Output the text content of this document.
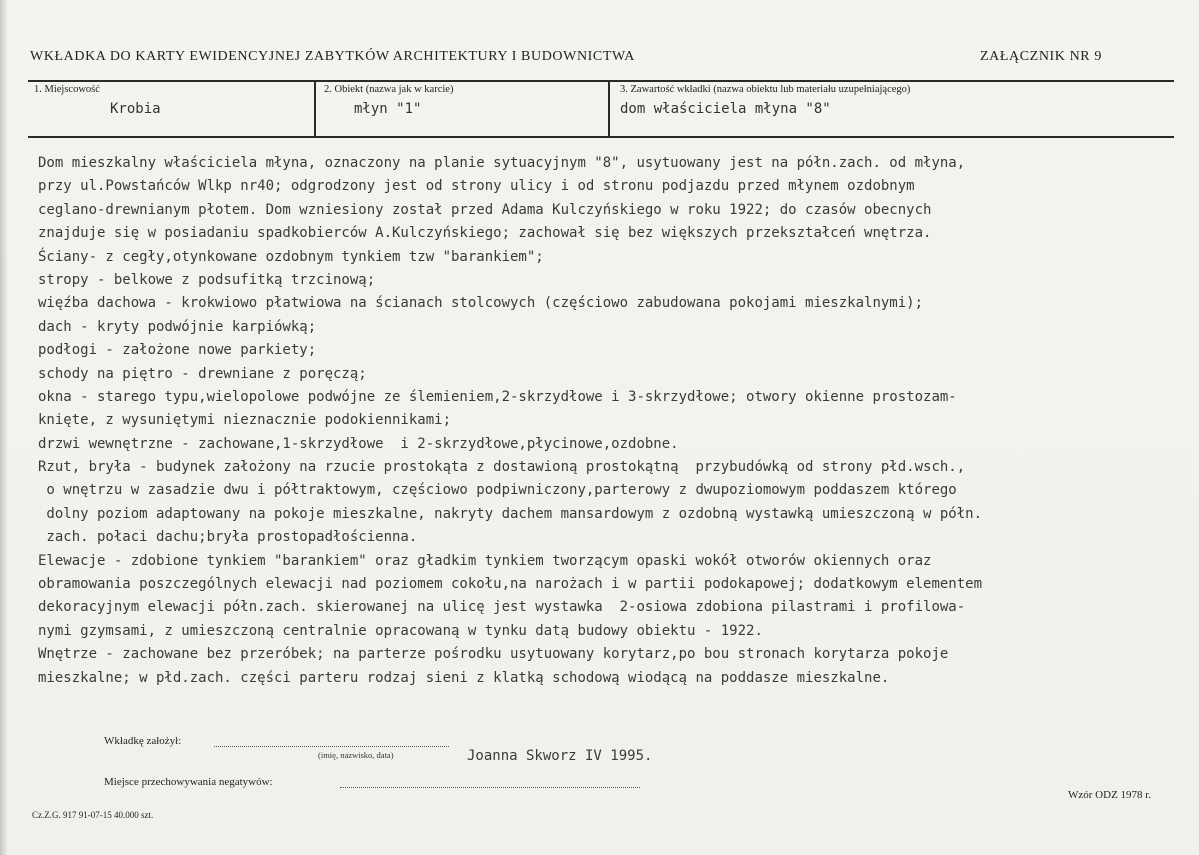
WKŁADKA DO KARTY EWIDENCYJNEJ ZABYTKÓW ARCHITEKTURY I BUDOWNICTWA	ZAŁĄCZNIK NR 9
1. Miejscowość
Krobia
2. Obiekt (nazwa jak w karcie)
młyn "1"
3. Zawartość wkładki (nazwa obiektu lub materiału uzupełniającego)
dom właściciela młyna "8"
Dom mieszkalny właściciela młyna, oznaczony na planie sytuacyjnym "8", usytuowany jest na półn.zach. od młyna,
przy ul.Powstańców Wlkp nr40; odgrodzony jest od strony ulicy i od stronu podjazdu przed młynem ozdobnym
ceglano-drewnianym płotem. Dom wzniesiony został przed Adama Kulczyńskiego w roku 1922; do czasów obecnych
znajduje się w posiadaniu spadkobierców A.Kulczyńskiego; zachował się bez większych przekształceń wnętrza.
Ściany- z cegły,otynkowane ozdobnym tynkiem tzw "barankiem";
stropy - belkowe z podsufitką trzcinową;
więźba dachowa - krokwiowo płatwiowa na ścianach stolcowych (częściowo zabudowana pokojami mieszkalnymi);
dach - kryty podwójnie karpiówką;
podłogi - założone nowe parkiety;
schody na piętro - drewniane z poręczą;
okna - starego typu,wielopolowe podwójne ze ślemieniem,2-skrzydłowe i 3-skrzydłowe; otwory okienne prostozam-
knięte, z wysuniętymi nieznacznie podokiennikami;
drzwi wewnętrzne - zachowane,1-skrzydłowe  i 2-skrzydłowe,płycinowe,ozdobne.
Rzut, bryła - budynek założony na rzucie prostokąta z dostawioną prostokątną  przybudówką od strony płd.wsch.,
o wnętrzu w zasadzie dwu i półtraktowym, częściowo podpiwniczony,parterowy z dwupoziomowym poddaszem którego
dolny poziom adaptowany na pokoje mieszkalne, nakryty dachem mansardowym z ozdobną wystawką umieszczoną w półn.
zach. połaci dachu;bryła prostopadłościenna.
Elewacje - zdobione tynkiem "barankiem" oraz gładkim tynkiem tworzącym opaski wokół otworów okiennych oraz
obramowania poszczególnych elewacji nad poziomem cokołu,na narożach i w partii podokapowej; dodatkowym elementem
dekoracyjnym elewacji półn.zach. skierowanej na ulicę jest wystawka  2-osiowa zdobiona pilastrami i profilowa-
nymi gzymsami, z umieszczoną centralnie opracowaną w tynku datą budowy obiektu - 1922.
Wnętrze - zachowane bez przeróbek; na parterze pośrodku usytuowany korytarz,po bou stronach korytarza pokoje
mieszkalne; w płd.zach. części parteru rodzaj sieni z klatką schodową wiodącą na poddasze mieszkalne.
Wkładkę założył:
(imię, nazwisko, data)	Joanna Skworz IV 1995.
Miejsce przechowywania negatywów:
Cz.Z.G. 917 91-07-15 40.000 szt.
Wzór ODZ 1978 r.
